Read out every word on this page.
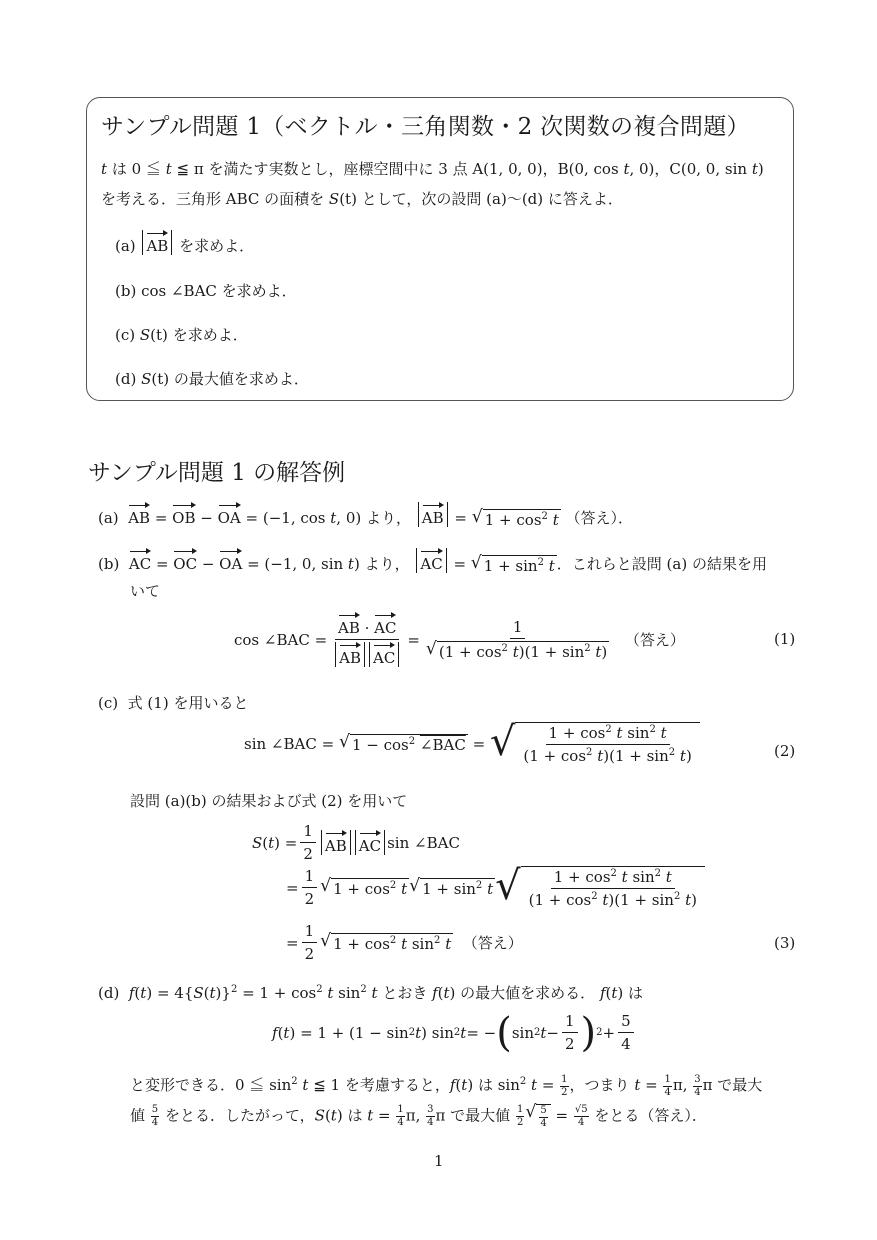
サンプル問題 1（ベクトル・三角関数・2 次関数の複合問題）
t は 0 ≦ t ≦ π を満たす実数とし，座標空間中に 3 点 A(1, 0, 0)，B(0, cos t, 0)，C(0, 0, sin t)
を考える．三角形 ABC の面積を S(t) として，次の設問 (a)〜(d) に答えよ．
(a) AB を求めよ．
(b) cos ∠BAC を求めよ．
(c) S(t) を求めよ．
(d) S(t) の最大値を求めよ．
サンプル問題 1 の解答例
(a) AB = OB − OA = (−1, cos t, 0) より， AB = √ $1 + \cos^2 t$ （答え）．
(b) AC = OC − OA = (−1, 0, sin t) より， AC = √ $1 + \sin^2 t$ ．これらと設問 (a) の結果を用
いて
cos ∠BAC = $\frac{AB \cdot AC}{\text{AB AC}} = \frac{1}{√ (1 + \cos^2 t)(1 + \sin^2 t)}$
（答え）	(1)
(c) 式 (1) を用いると
sin ∠BAC =
√ $1 - \cos^2$ ∠BAC = √ $\frac{1 + \cos^2 t \sin^2 t}{(1 + \cos^2 t)(1 + \sin^2 t)}$	(2)
設問 (a)(b) の結果および式 (2) を用いて
S ( t ) = $\frac{1}{2}$ AB AC sin ∠BAC
= $\frac{1}{2}$ √ $1 + \cos^2 t$ √ $1 + \sin^2 t$ √ $\frac{1 + \cos^2 t \sin^2 t}{(1 + \cos^2 t)(1 + \sin^2 t)}$
= $\frac{1}{2}$ √ $1 + \cos^2 t$ $\sin^2 t$
（答え）	(3)
(d) $f(t) = 4\{S(t)\}^2 = 1 + \cos^2 t$ $\sin^2 t$ とおき f(t) の最大値を求める． f(t) は
f ( t ) = 1 + (1 − sin 2 t ) sin 2 t = − ( sin 2 $t - \frac{1}{2}$ ) $2 + \frac{5}{4}$
と変形できる．0 ≦ $\sin^2 t$ ≦ 1 を考慮すると，f(t) は $\sin^2 t = \frac{1}{2}$ ，つまり $t = \frac{1}{4} \pi$, $\frac{3}{4}$ π で最大
値 $\frac{5}{4}$ をとる．したがって，S(t) は $t = \frac{1}{4} \pi$, $\frac{3}{4}$ π で最大値 $\frac{1}{2}$ √ $\frac{5}{4} = \frac{√5}{4}$ をとる（答え）．
1
